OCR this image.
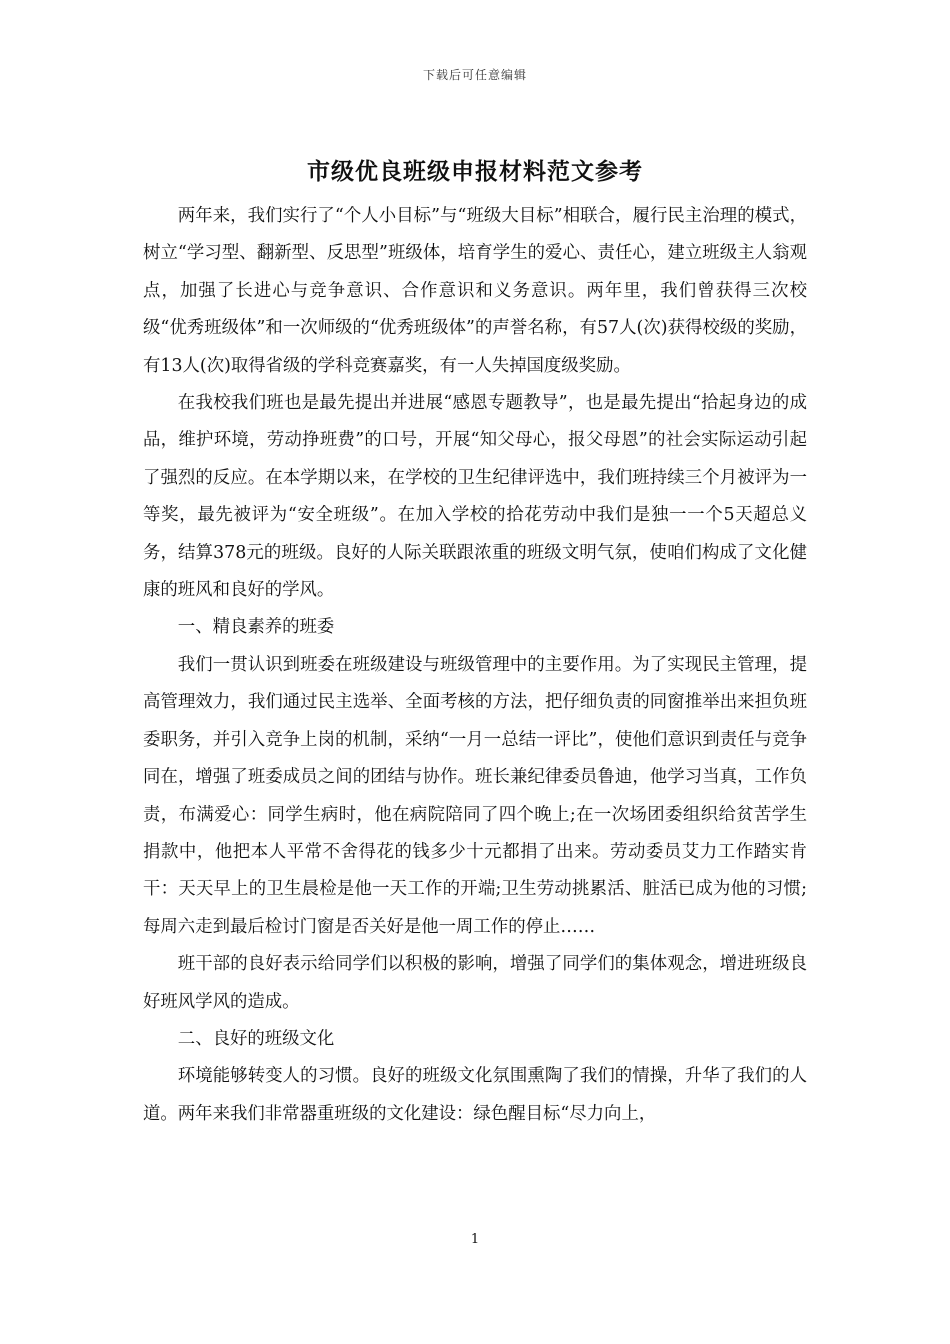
下载后可任意编辑
市级优良班级申报材料范文参考

两年来，我们实行了“个人小目标”与“班级大目标”相联合，履行民主治理的模式，树立“学习型、翻新型、反思型”班级体，培育学生的爱心、责任心，建立班级主人翁观点，加强了长进心与竞争意识、合作意识和义务意识。两年里，我们曾获得三次校级“优秀班级体”和一次师级的“优秀班级体”的声誉名称，有57人(次)获得校级的奖励，有13人(次)取得省级的学科竞赛嘉奖，有一人失掉国度级奖励。

在我校我们班也是最先提出并进展“感恩专题教导”，也是最先提出“拾起身边的成品，维护环境，劳动挣班费”的口号，开展“知父母心，报父母恩”的社会实际运动引起了强烈的反应。在本学期以来，在学校的卫生纪律评选中，我们班持续三个月被评为一等奖，最先被评为“安全班级”。在加入学校的拾花劳动中我们是独一一个5天超总义务，结算378元的班级。良好的人际关联跟浓重的班级文明气氛，使咱们构成了文化健康的班风和良好的学风。

一、精良素养的班委

我们一贯认识到班委在班级建设与班级管理中的主要作用。为了实现民主管理，提高管理效力，我们通过民主选举、全面考核的方法，把仔细负责的同窗推举出来担负班委职务，并引入竞争上岗的机制，采纳“一月一总结一评比”，使他们意识到责任与竞争同在，增强了班委成员之间的团结与协作。班长兼纪律委员鲁迪，他学习当真，工作负责，布满爱心：同学生病时，他在病院陪同了四个晚上;在一次场团委组织给贫苦学生捐款中，他把本人平常不舍得花的钱多少十元都捐了出来。劳动委员艾力工作踏实肯干：天天早上的卫生晨检是他一天工作的开端;卫生劳动挑累活、脏活已成为他的习惯;每周六走到最后检讨门窗是否关好是他一周工作的停止……

班干部的良好表示给同学们以积极的影响，增强了同学们的集体观念，增进班级良好班风学风的造成。

二、良好的班级文化

环境能够转变人的习惯。良好的班级文化氛围熏陶了我们的情操，升华了我们的人道。两年来我们非常器重班级的文化建设：绿色醒目标“尽力向上，

1
